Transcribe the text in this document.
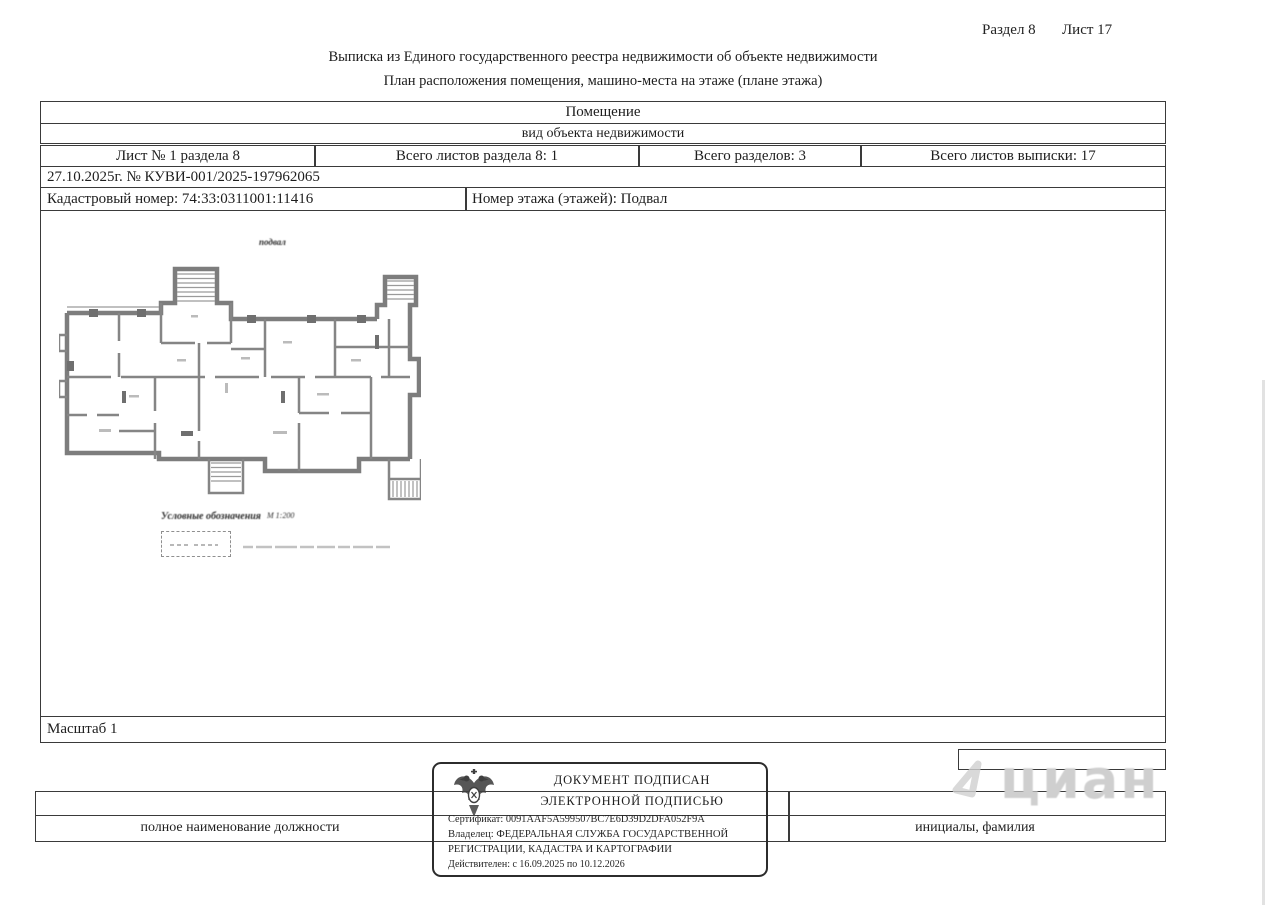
Раздел 8 Лист 17
Выписка из Единого государственного реестра недвижимости об объекте недвижимости
План расположения помещения, машино-места на этаже (плане этажа)
Помещение
вид объекта недвижимости
Лист № 1 раздела 8	Всего листов раздела 8: 1	Всего разделов: 3	Всего листов выписки: 17
27.10.2025г. № КУВИ-001/2025-197962065
Кадастровый номер: 74:33:0311001:11416	Номер этажа (этажей): Подвал
подвал
Условные обозначения М 1:200
Масштаб 1
циан
полное наименование должности	инициалы, фамилия
ДОКУМЕНТ ПОДПИСАН
ЭЛЕКТРОННОЙ ПОДПИСЬЮ
Сертификат: 0091AAF5A599507BC7E6D39D2DFA052F9A
Владелец: ФЕДЕРАЛЬНАЯ СЛУЖБА ГОСУДАРСТВЕННОЙ
РЕГИСТРАЦИИ, КАДАСТРА И КАРТОГРАФИИ
Действителен: с 16.09.2025 по 10.12.2026
